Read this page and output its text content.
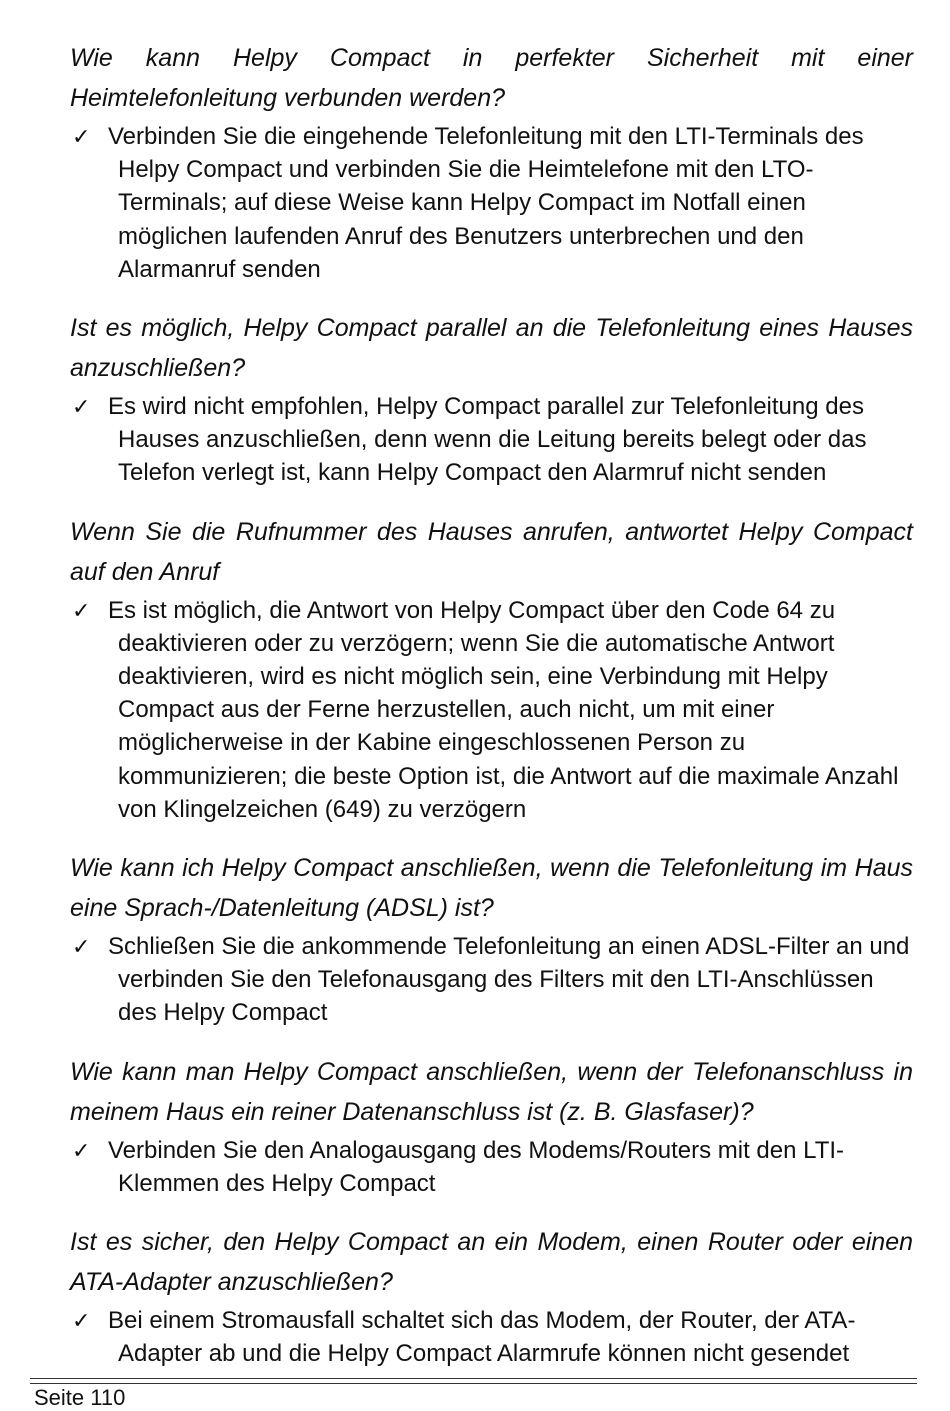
Wie kann Helpy Compact in perfekter Sicherheit mit einer Heimtelefonleitung verbunden werden?

✓ Verbinden Sie die eingehende Telefonleitung mit den LTI-Terminals des Helpy Compact und verbinden Sie die Heimtelefone mit den LTO-Terminals; auf diese Weise kann Helpy Compact im Notfall einen möglichen laufenden Anruf des Benutzers unterbrechen und den Alarmanruf senden

Ist es möglich, Helpy Compact parallel an die Telefonleitung eines Hauses anzuschließen?

✓ Es wird nicht empfohlen, Helpy Compact parallel zur Telefonleitung des Hauses anzuschließen, denn wenn die Leitung bereits belegt oder das Telefon verlegt ist, kann Helpy Compact den Alarmruf nicht senden

Wenn Sie die Rufnummer des Hauses anrufen, antwortet Helpy Compact auf den Anruf

✓ Es ist möglich, die Antwort von Helpy Compact über den Code 64 zu deaktivieren oder zu verzögern; wenn Sie die automatische Antwort deaktivieren, wird es nicht möglich sein, eine Verbindung mit Helpy Compact aus der Ferne herzustellen, auch nicht, um mit einer möglicherweise in der Kabine eingeschlossenen Person zu kommunizieren; die beste Option ist, die Antwort auf die maximale Anzahl von Klingelzeichen (649) zu verzögern

Wie kann ich Helpy Compact anschließen, wenn die Telefonleitung im Haus eine Sprach-/Datenleitung (ADSL) ist?

✓ Schließen Sie die ankommende Telefonleitung an einen ADSL-Filter an und verbinden Sie den Telefonausgang des Filters mit den LTI-Anschlüssen des Helpy Compact

Wie kann man Helpy Compact anschließen, wenn der Telefonanschluss in meinem Haus ein reiner Datenanschluss ist (z. B. Glasfaser)?

✓ Verbinden Sie den Analogausgang des Modems/Routers mit den LTI-Klemmen des Helpy Compact

Ist es sicher, den Helpy Compact an ein Modem, einen Router oder einen ATA-Adapter anzuschließen?

✓ Bei einem Stromausfall schaltet sich das Modem, der Router, der ATA-Adapter ab und die Helpy Compact Alarmrufe können nicht gesendet

Seite 110
